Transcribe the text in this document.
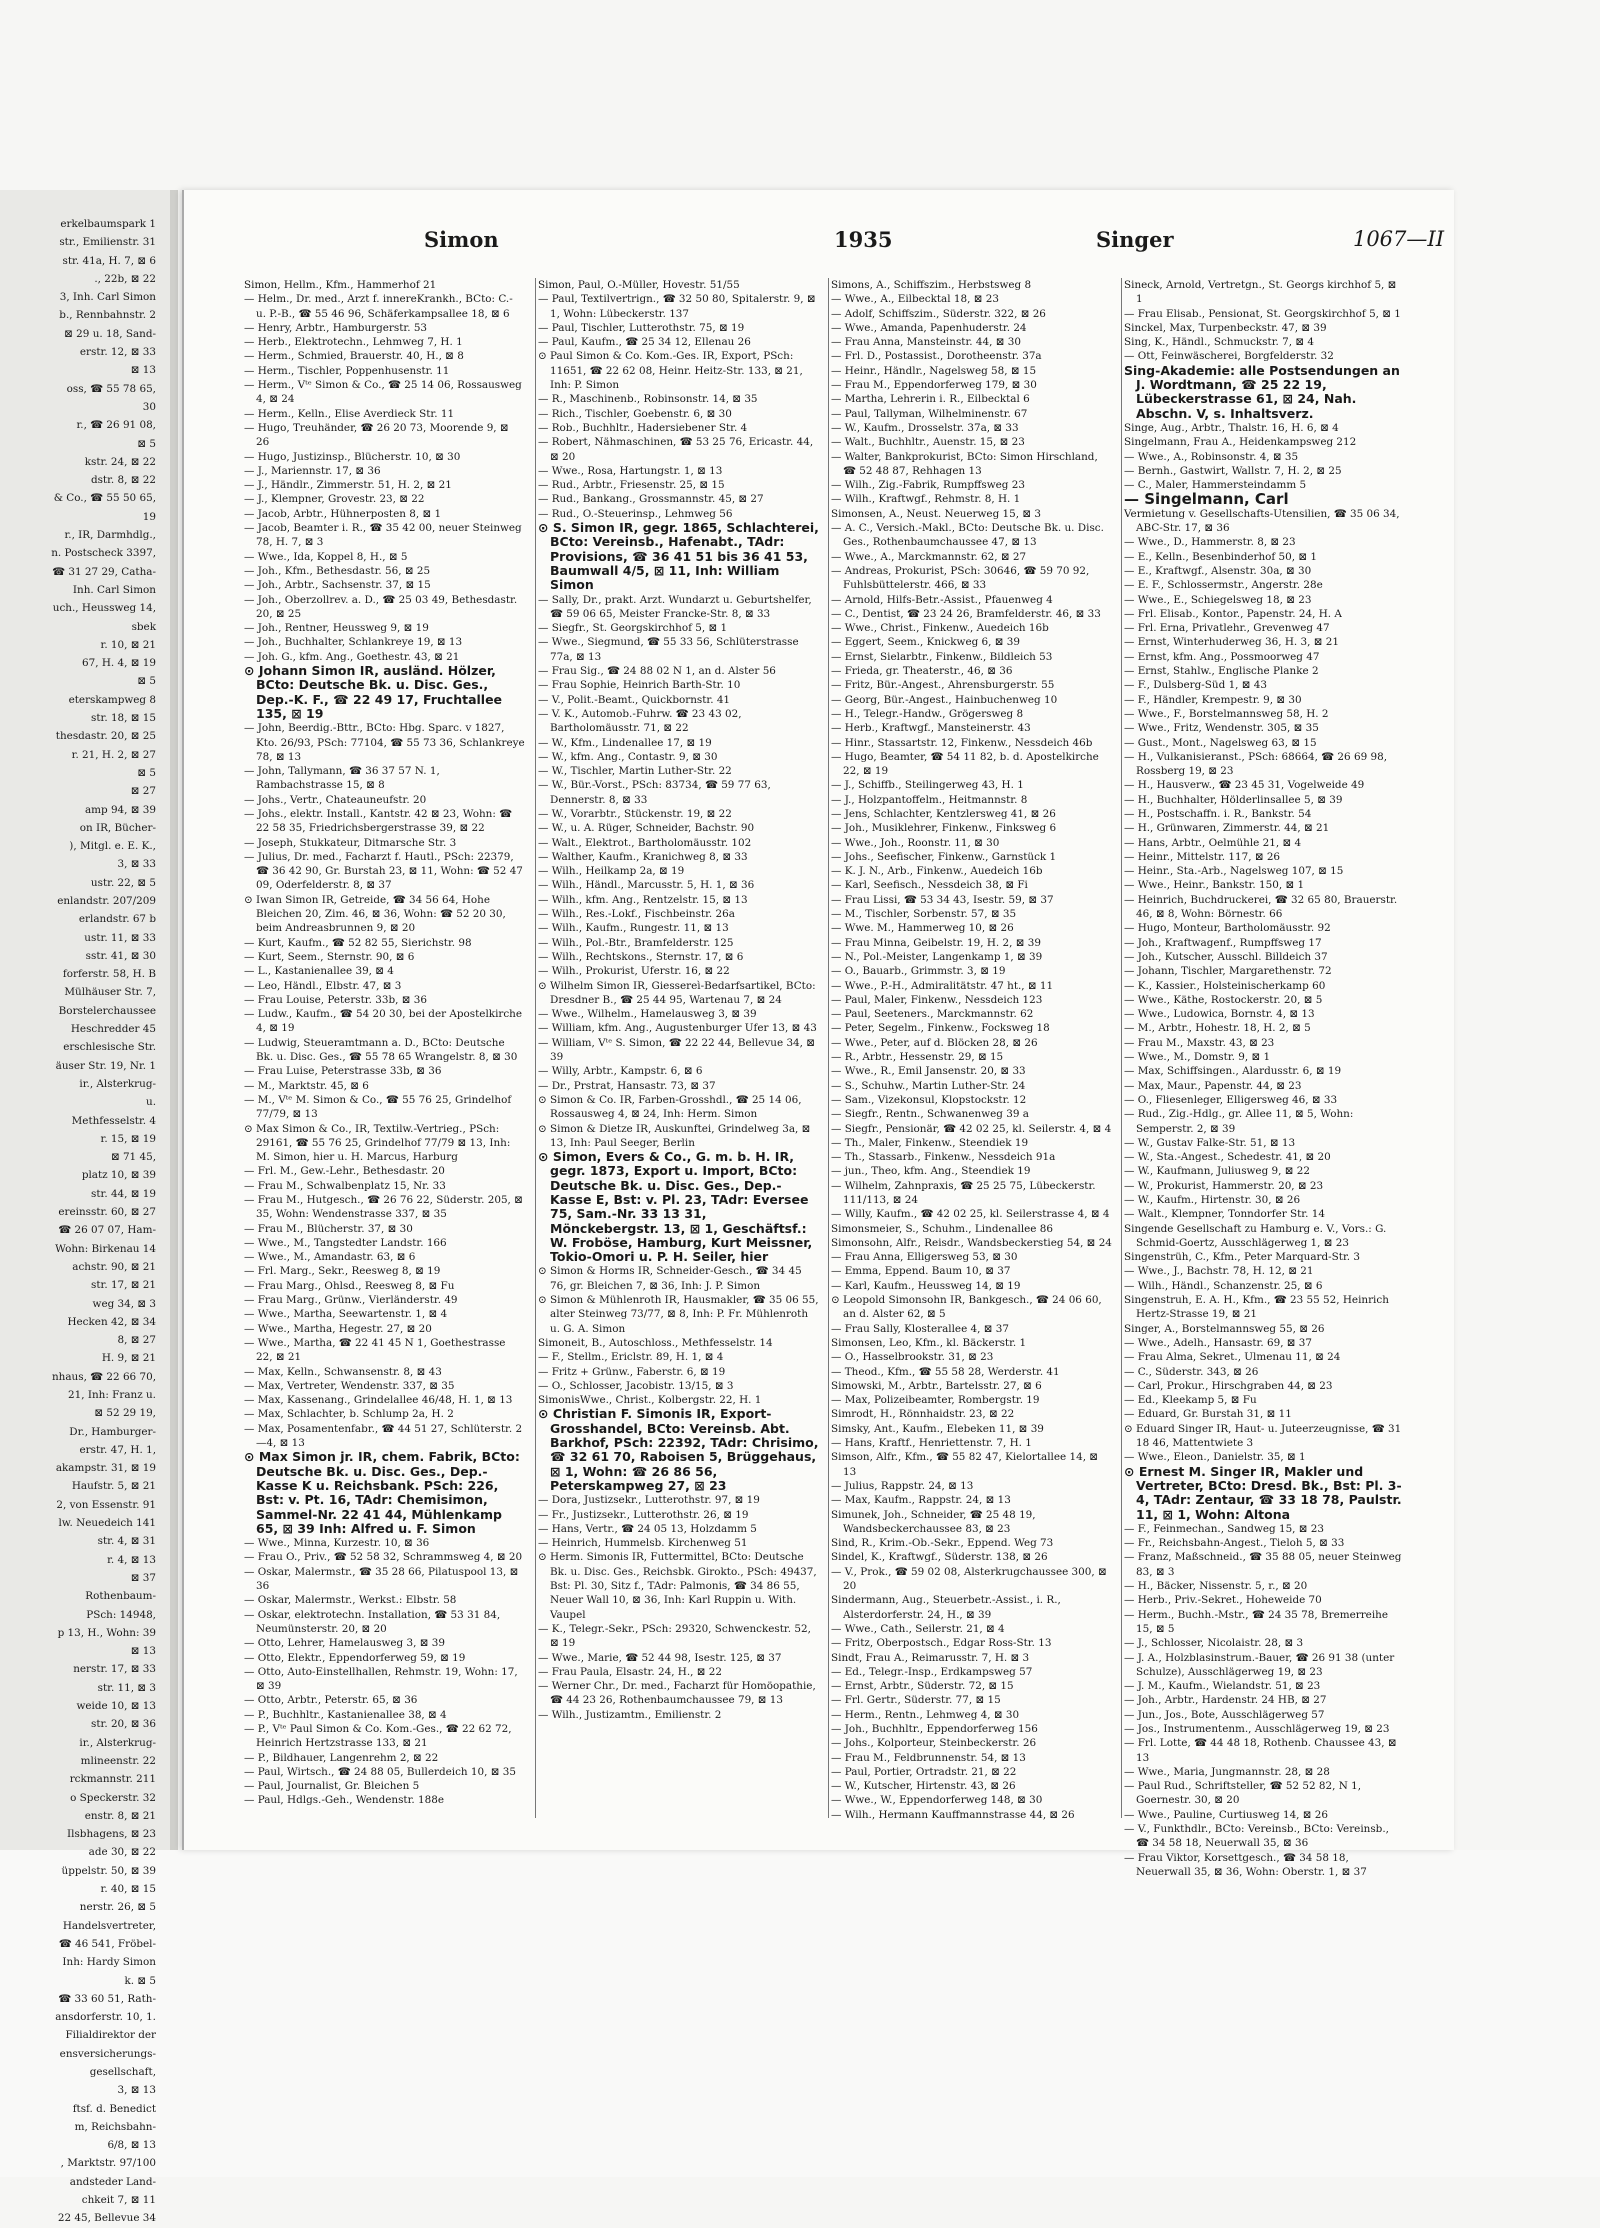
erkelbaumspark 1
str., Emilienstr. 31
str. 41a, H. 7, ⊠ 6
., 22b, ⊠ 22
3, Inh. Carl Simon
b., Rennbahnstr. 2
⊠ 29 u. 18, Sand-
erstr. 12, ⊠ 33
⊠ 13
oss, ☎ 55 78 65,
30
r., ☎ 26 91 08,
⊠ 5
kstr. 24, ⊠ 22
dstr. 8, ⊠ 22
& Co., ☎ 55 50 65,
19
r., IR, Darmhdlg.,
n. Postscheck 3397,
☎ 31 27 29, Catha-
Inh. Carl Simon
uch., Heussweg 14,
sbek
r. 10, ⊠ 21
67, H. 4, ⊠ 19
⊠ 5
eterskampweg 8
str. 18, ⊠ 15
thesdastr. 20, ⊠ 25
r. 21, H. 2, ⊠ 27
⊠ 5
⊠ 27
amp 94, ⊠ 39
on IR, Bücher-
), Mitgl. e. E. K.,
3, ⊠ 33
ustr. 22, ⊠ 5
enlandstr. 207/209
erlandstr. 67 b
ustr. 11, ⊠ 33
sstr. 41, ⊠ 30
forferstr. 58, H. B
Mülhäuser Str. 7,
Borstelerchaussee
Heschredder 45
erschlesische Str.
äuser Str. 19, Nr. 1
ir., Alsterkrug-
u.
Methfesselstr. 4
r. 15, ⊠ 19
⊠ 71 45,
platz 10, ⊠ 39
str. 44, ⊠ 19
ereinsstr. 60, ⊠ 27
☎ 26 07 07, Ham-
Wohn: Birkenau 14
achstr. 90, ⊠ 21
str. 17, ⊠ 21
weg 34, ⊠ 3
Hecken 42, ⊠ 34
8, ⊠ 27
H. 9, ⊠ 21
nhaus, ☎ 22 66 70,
21, Inh: Franz u.
⊠ 52 29 19,
Dr., Hamburger-
erstr. 47, H. 1,
akampstr. 31, ⊠ 19
Haufstr. 5, ⊠ 21
2, von Essenstr. 91
lw. Neuedeich 141
str. 4, ⊠ 31
r. 4, ⊠ 13
⊠ 37
Rothenbaum-
PSch: 14948,
p 13, H., Wohn: 39
⊠ 13
nerstr. 17, ⊠ 33
str. 11, ⊠ 3
weide 10, ⊠ 13
str. 20, ⊠ 36
ir., Alsterkrug-
mlineenstr. 22
rckmannstr. 211
o Speckerstr. 32
enstr. 8, ⊠ 21
Ilsbhagens, ⊠ 23
ade 30, ⊠ 22
üppelstr. 50, ⊠ 39
r. 40, ⊠ 15
nerstr. 26, ⊠ 5
Handelsvertreter,
☎ 46 541, Fröbel-
Inh: Hardy Simon
k. ⊠ 5
☎ 33 60 51, Rath-
ansdorferstr. 10, 1.
Filialdirektor der
ensversicherungs-
gesellschaft,
3, ⊠ 13
ftsf. d. Benedict
m, Reichsbahn-
6/8, ⊠ 13
, Marktstr. 97/100
andsteder Land-
chkeit 7, ⊠ 11
22 45, Bellevue 34
Simon	1935	Singer	1067—II
Simon, Hellm., Kfm., Hammerhof 21
— Helm., Dr. med., Arzt f. innereKrankh., BCto: C.- u. P.-B., ☎ 55 46 96, Schäferkampsallee 18, ⊠ 6
— Henry, Arbtr., Hamburgerstr. 53
— Herb., Elektrotechn., Lehmweg 7, H. 1
— Herm., Schmied, Brauerstr. 40, H., ⊠ 8
— Herm., Tischler, Poppenhusenstr. 11
— Herm., Vᵗᵉ Simon & Co., ☎ 25 14 06, Rossausweg 4, ⊠ 24
— Herm., Kelln., Elise Averdieck Str. 11
— Hugo, Treuhänder, ☎ 26 20 73, Moorende 9, ⊠ 26
— Hugo, Justizinsp., Blücherstr. 10, ⊠ 30
— J., Mariennstr. 17, ⊠ 36
— J., Händlr., Zimmerstr. 51, H. 2, ⊠ 21
— J., Klempner, Grovestr. 23, ⊠ 22
— Jacob, Arbtr., Hühnerposten 8, ⊠ 1
— Jacob, Beamter i. R., ☎ 35 42 00, neuer Steinweg 78, H. 7, ⊠ 3
— Wwe., Ida, Koppel 8, H., ⊠ 5
— Joh., Kfm., Bethesdastr. 56, ⊠ 25
— Joh., Arbtr., Sachsenstr. 37, ⊠ 15
— Joh., Oberzollrev. a. D., ☎ 25 03 49, Bethesdastr. 20, ⊠ 25
— Joh., Rentner, Heussweg 9, ⊠ 19
— Joh., Buchhalter, Schlankreye 19, ⊠ 13
— Joh. G., kfm. Ang., Goethestr. 43, ⊠ 21
⊙ Johann Simon IR, ausländ. Hölzer, BCto: Deutsche Bk. u. Disc. Ges., Dep.-K. F., ☎ 22 49 17, Fruchtallee 135, ⊠ 19
— John, Beerdig.-Bttr., BCto: Hbg. Sparc. v 1827, Kto. 26/93, PSch: 77104, ☎ 55 73 36, Schlankreye 78, ⊠ 13
— John, Tallymann, ☎ 36 37 57 N. 1, Rambachstrasse 15, ⊠ 8
— Johs., Vertr., Chateauneufstr. 20
— Johs., elektr. Install., Kantstr. 42 ⊠ 23, Wohn: ☎ 22 58 35, Friedrichsbergerstrasse 39, ⊠ 22
— Joseph, Stukkateur, Ditmarsche Str. 3
— Julius, Dr. med., Facharzt f. Hautl., PSch: 22379, ☎ 36 42 90, Gr. Burstah 23, ⊠ 11, Wohn: ☎ 52 47 09, Oderfelderstr. 8, ⊠ 37
⊙ Iwan Simon IR, Getreide, ☎ 34 56 64, Hohe Bleichen 20, Zim. 46, ⊠ 36, Wohn: ☎ 52 20 30, beim Andreasbrunnen 9, ⊠ 20
— Kurt, Kaufm., ☎ 52 82 55, Sierichstr. 98
— Kurt, Seem., Sternstr. 90, ⊠ 6
— L., Kastanienallee 39, ⊠ 4
— Leo, Händl., Elbstr. 47, ⊠ 3
— Frau Louise, Peterstr. 33b, ⊠ 36
— Ludw., Kaufm., ☎ 54 20 30, bei der Apostelkirche 4, ⊠ 19
— Ludwig, Steueramtmann a. D., BCto: Deutsche Bk. u. Disc. Ges., ☎ 55 78 65 Wrangelstr. 8, ⊠ 30
— Frau Luise, Peterstrasse 33b, ⊠ 36
— M., Marktstr. 45, ⊠ 6
— M., Vᵗᵉ M. Simon & Co., ☎ 55 76 25, Grindelhof 77/79, ⊠ 13
⊙ Max Simon & Co., IR, Textilw.-Vertrieg., PSch: 29161, ☎ 55 76 25, Grindelhof 77/79 ⊠ 13, Inh: M. Simon, hier u. H. Marcus, Harburg
— Frl. M., Gew.-Lehr., Bethesdastr. 20
— Frau M., Schwalbenplatz 15, Nr. 33
— Frau M., Hutgesch., ☎ 26 76 22, Süderstr. 205, ⊠ 35, Wohn: Wendenstrasse 337, ⊠ 35
— Frau M., Blücherstr. 37, ⊠ 30
— Wwe., M., Tangstedter Landstr. 166
— Wwe., M., Amandastr. 63, ⊠ 6
— Frl. Marg., Sekr., Reesweg 8, ⊠ 19
— Frau Marg., Ohlsd., Reesweg 8, ⊠ Fu
— Frau Marg., Grünw., Vierländerstr. 49
— Wwe., Martha, Seewartenstr. 1, ⊠ 4
— Wwe., Martha, Hegestr. 27, ⊠ 20
— Wwe., Martha, ☎ 22 41 45 N 1, Goethestrasse 22, ⊠ 21
— Max, Kelln., Schwansenstr. 8, ⊠ 43
— Max, Vertreter, Wendenstr. 337, ⊠ 35
— Max, Kassenang., Grindelallee 46/48, H. 1, ⊠ 13
— Max, Schlachter, b. Schlump 2a, H. 2
— Max, Posamentenfabr., ☎ 44 51 27, Schlüterstr. 2—4, ⊠ 13
⊙ Max Simon jr. IR, chem. Fabrik, BCto: Deutsche Bk. u. Disc. Ges., Dep.-Kasse K u. Reichsbank. PSch: 226, Bst: v. Pt. 16, TAdr: Chemisimon, Sammel-Nr. 22 41 44, Mühlenkamp 65, ⊠ 39 Inh: Alfred u. F. Simon
— Wwe., Minna, Kurzestr. 10, ⊠ 36
— Frau O., Priv., ☎ 52 58 32, Schrammsweg 4, ⊠ 20
— Oskar, Malermstr., ☎ 35 28 66, Pilatuspool 13, ⊠ 36
— Oskar, Malermstr., Werkst.: Elbstr. 58
— Oskar, elektrotechn. Installation, ☎ 53 31 84, Neumünsterstr. 20, ⊠ 20
— Otto, Lehrer, Hamelausweg 3, ⊠ 39
— Otto, Elektr., Eppendorferweg 59, ⊠ 19
— Otto, Auto-Einstellhallen, Rehmstr. 19, Wohn: 17, ⊠ 39
— Otto, Arbtr., Peterstr. 65, ⊠ 36
— P., Buchhltr., Kastanienallee 38, ⊠ 4
— P., Vᵗᵉ Paul Simon & Co. Kom.-Ges., ☎ 22 62 72, Heinrich Hertzstrasse 133, ⊠ 21
— P., Bildhauer, Langenrehm 2, ⊠ 22
— Paul, Wirtsch., ☎ 24 88 05, Bullerdeich 10, ⊠ 35
— Paul, Journalist, Gr. Bleichen 5
— Paul, Hdlgs.-Geh., Wendenstr. 188e
Simon, Paul, O.-Müller, Hovestr. 51/55
— Paul, Textilvertrign., ☎ 32 50 80, Spitalerstr. 9, ⊠ 1, Wohn: Lübeckerstr. 137
— Paul, Tischler, Lutterothstr. 75, ⊠ 19
— Paul, Kaufm., ☎ 25 34 12, Ellenau 26
⊙ Paul Simon & Co. Kom.-Ges. IR, Export, PSch: 11651, ☎ 22 62 08, Heinr. Heitz-Str. 133, ⊠ 21, Inh: P. Simon
— R., Maschinenb., Robinsonstr. 14, ⊠ 35
— Rich., Tischler, Goebenstr. 6, ⊠ 30
— Rob., Buchhltr., Hadersiebener Str. 4
— Robert, Nähmaschinen, ☎ 53 25 76, Ericastr. 44, ⊠ 20
— Wwe., Rosa, Hartungstr. 1, ⊠ 13
— Rud., Arbtr., Friesenstr. 25, ⊠ 15
— Rud., Bankang., Grossmannstr. 45, ⊠ 27
— Rud., O.-Steuerinsp., Lehmweg 56
⊙ S. Simon IR, gegr. 1865, Schlachterei, BCto: Vereinsb., Hafenabt., TAdr: Provisions, ☎ 36 41 51 bis 36 41 53, Baumwall 4/5, ⊠ 11, Inh: William Simon
— Sally, Dr., prakt. Arzt. Wundarzt u. Geburtshelfer, ☎ 59 06 65, Meister Francke-Str. 8, ⊠ 33
— Siegfr., St. Georgskirchhof 5, ⊠ 1
— Wwe., Siegmund, ☎ 55 33 56, Schlüterstrasse 77a, ⊠ 13
— Frau Sig., ☎ 24 88 02 N 1, an d. Alster 56
— Frau Sophie, Heinrich Barth-Str. 10
— V., Polit.-Beamt., Quickbornstr. 41
— V. K., Automob.-Fuhrw. ☎ 23 43 02, Bartholomäusstr. 71, ⊠ 22
— W., Kfm., Lindenallee 17, ⊠ 19
— W., kfm. Ang., Contastr. 9, ⊠ 30
— W., Tischler, Martin Luther-Str. 22
— W., Bür.-Vorst., PSch: 83734, ☎ 59 77 63, Dennerstr. 8, ⊠ 33
— W., Vorarbtr., Stückenstr. 19, ⊠ 22
— W., u. A. Rüger, Schneider, Bachstr. 90
— Walt., Elektrot., Bartholomäusstr. 102
— Walther, Kaufm., Kranichweg 8, ⊠ 33
— Wilh., Heilkamp 2a, ⊠ 19
— Wilh., Händl., Marcusstr. 5, H. 1, ⊠ 36
— Wilh., kfm. Ang., Rentzelstr. 15, ⊠ 13
— Wilh., Res.-Lokf., Fischbeinstr. 26a
— Wilh., Kaufm., Rungestr. 11, ⊠ 13
— Wilh., Pol.-Btr., Bramfelderstr. 125
— Wilh., Rechtskons., Sternstr. 17, ⊠ 6
— Wilh., Prokurist, Uferstr. 16, ⊠ 22
⊙ Wilhelm Simon IR, Giessereì-Bedarfsartikel, BCto: Dresdner B., ☎ 25 44 95, Wartenau 7, ⊠ 24
— Wwe., Wilhelm., Hamelausweg 3, ⊠ 39
— William, kfm. Ang., Augustenburger Ufer 13, ⊠ 43
— William, Vᵗᵉ S. Simon, ☎ 22 22 44, Bellevue 34, ⊠ 39
— Willy, Arbtr., Kampstr. 6, ⊠ 6
— Dr., Prstrat, Hansastr. 73, ⊠ 37
⊙ Simon & Co. IR, Farben-Grosshdl., ☎ 25 14 06, Rossausweg 4, ⊠ 24, Inh: Herm. Simon
⊙ Simon & Dietze IR, Auskunftei, Grindelweg 3a, ⊠ 13, Inh: Paul Seeger, Berlin
⊙ Simon, Evers & Co., G. m. b. H. IR, gegr. 1873, Export u. Import, BCto: Deutsche Bk. u. Disc. Ges., Dep.-Kasse E, Bst: v. Pl. 23, TAdr: Eversee 75, Sam.-Nr. 33 13 31, Mönckebergstr. 13, ⊠ 1, Geschäftsf.: W. Froböse, Hamburg, Kurt Meissner, Tokio-Omori u. P. H. Seiler, hier
⊙ Simon & Horms IR, Schneider-Gesch., ☎ 34 45 76, gr. Bleichen 7, ⊠ 36, Inh: J. P. Simon
⊙ Simon & Mühlenroth IR, Hausmakler, ☎ 35 06 55, alter Steinweg 73/77, ⊠ 8, Inh: P. Fr. Mühlenroth u. G. A. Simon
Simoneit, B., Autoschloss., Methfesselstr. 14
— F., Stellm., Ericlstr. 89, H. 1, ⊠ 4
— Fritz + Grünw., Faberstr. 6, ⊠ 19
— O., Schlosser, Jacobistr. 13/15, ⊠ 3
SimonisWwe., Christ., Kolbergstr. 22, H. 1
⊙ Christian F. Simonis IR, Export-Grosshandel, BCto: Vereinsb. Abt. Barkhof, PSch: 22392, TAdr: Chrisimo, ☎ 32 61 70, Raboisen 5, Brüggehaus, ⊠ 1, Wohn: ☎ 26 86 56, Peterskampweg 27, ⊠ 23
— Dora, Justizsekr., Lutterothstr. 97, ⊠ 19
— Fr., Justizsekr., Lutterothstr. 26, ⊠ 19
— Hans, Vertr., ☎ 24 05 13, Holzdamm 5
— Heinrich, Hummelsb. Kirchenweg 51
⊙ Herm. Simonis IR, Futtermittel, BCto: Deutsche Bk. u. Disc. Ges., Reichsbk. Girokto., PSch: 49437, Bst: Pl. 30, Sitz f., TAdr: Palmonis, ☎ 34 86 55, Neuer Wall 10, ⊠ 36, Inh: Karl Ruppin u. With. Vaupel
— K., Telegr.-Sekr., PSch: 29320, Schwenckestr. 52, ⊠ 19
— Wwe., Marie, ☎ 52 44 98, Isestr. 125, ⊠ 37
— Frau Paula, Elsastr. 24, H., ⊠ 22
— Werner Chr., Dr. med., Facharzt für Homöopathie, ☎ 44 23 26, Rothenbaumchaussee 79, ⊠ 13
— Wilh., Justizamtm., Emilienstr. 2
Simons, A., Schiffszim., Herbstsweg 8
— Wwe., A., Eilbecktal 18, ⊠ 23
— Adolf, Schiffszim., Süderstr. 322, ⊠ 26
— Wwe., Amanda, Papenhuderstr. 24
— Frau Anna, Mansteinstr. 44, ⊠ 30
— Frl. D., Postassist., Dorotheenstr. 37a
— Heinr., Händlr., Nagelsweg 58, ⊠ 15
— Frau M., Eppendorferweg 179, ⊠ 30
— Martha, Lehrerin i. R., Eilbecktal 6
— Paul, Tallyman, Wilhelminenstr. 67
— W., Kaufm., Drosselstr. 37a, ⊠ 33
— Walt., Buchhltr., Auenstr. 15, ⊠ 23
— Walter, Bankprokurist, BCto: Simon Hirschland, ☎ 52 48 87, Rehhagen 13
— Wilh., Zig.-Fabrik, Rumpffsweg 23
— Wilh., Kraftwgf., Rehmstr. 8, H. 1
Simonsen, A., Neust. Neuerweg 15, ⊠ 3
— A. C., Versich.-Makl., BCto: Deutsche Bk. u. Disc. Ges., Rothenbaumchaussee 47, ⊠ 13
— Wwe., A., Marckmannstr. 62, ⊠ 27
— Andreas, Prokurist, PSch: 30646, ☎ 59 70 92, Fuhlsbüttelerstr. 466, ⊠ 33
— Arnold, Hilfs-Betr.-Assist., Pfauenweg 4
— C., Dentist, ☎ 23 24 26, Bramfelderstr. 46, ⊠ 33
— Wwe., Christ., Finkenw., Auedeich 16b
— Eggert, Seem., Knickweg 6, ⊠ 39
— Ernst, Sielarbtr., Finkenw., Bildleich 53
— Frieda, gr. Theaterstr., 46, ⊠ 36
— Fritz, Bür.-Angest., Ahrensburgerstr. 55
— Georg, Bür.-Angest., Hainbuchenweg 10
— H., Telegr.-Handw., Grögersweg 8
— Herb., Kraftwgf., Mansteinerstr. 43
— Hinr., Stassartstr. 12, Finkenw., Nessdeich 46b
— Hugo, Beamter, ☎ 54 11 82, b. d. Apostelkirche 22, ⊠ 19
— J., Schiffb., Steilingerweg 43, H. 1
— J., Holzpantoffelm., Heitmannstr. 8
— Jens, Schlachter, Kentzlersweg 41, ⊠ 26
— Joh., Musiklehrer, Finkenw., Finksweg 6
— Wwe., Joh., Roonstr. 11, ⊠ 30
— Johs., Seefischer, Finkenw., Garnstück 1
— K. J. N., Arb., Finkenw., Auedeich 16b
— Karl, Seefisch., Nessdeich 38, ⊠ Fi
— Frau Lissi, ☎ 53 34 43, Isestr. 59, ⊠ 37
— M., Tischler, Sorbenstr. 57, ⊠ 35
— Wwe. M., Hammerweg 10, ⊠ 26
— Frau Minna, Geibelstr. 19, H. 2, ⊠ 39
— N., Pol.-Meister, Langenkamp 1, ⊠ 39
— O., Bauarb., Grimmstr. 3, ⊠ 19
— Wwe., P.-H., Admiralitätstr. 47 ht., ⊠ 11
— Paul, Maler, Finkenw., Nessdeich 123
— Paul, Seeteners., Marckmannstr. 62
— Peter, Segelm., Finkenw., Focksweg 18
— Wwe., Peter, auf d. Blöcken 28, ⊠ 26
— R., Arbtr., Hessenstr. 29, ⊠ 15
— Wwe., R., Emil Jansenstr. 20, ⊠ 33
— S., Schuhw., Martin Luther-Str. 24
— Sam., Vizekonsul, Klopstockstr. 12
— Siegfr., Rentn., Schwanenweg 39 a
— Siegfr., Pensionär, ☎ 42 02 25, kl. Seilerstr. 4, ⊠ 4
— Th., Maler, Finkenw., Steendiek 19
— Th., Stassarb., Finkenw., Nessdeich 91a
— jun., Theo, kfm. Ang., Steendiek 19
— Wilhelm, Zahnpraxis, ☎ 25 25 75, Lübeckerstr. 111/113, ⊠ 24
— Willy, Kaufm., ☎ 42 02 25, kl. Seilerstrasse 4, ⊠ 4
Simonsmeier, S., Schuhm., Lindenallee 86
Simonsohn, Alfr., Reisdr., Wandsbeckerstieg 54, ⊠ 24
— Frau Anna, Elligersweg 53, ⊠ 30
— Emma, Eppend. Baum 10, ⊠ 37
— Karl, Kaufm., Heussweg 14, ⊠ 19
⊙ Leopold Simonsohn IR, Bankgesch., ☎ 24 06 60, an d. Alster 62, ⊠ 5
— Frau Sally, Klosterallee 4, ⊠ 37
Simonsen, Leo, Kfm., kl. Bäckerstr. 1
— O., Hasselbrookstr. 31, ⊠ 23
— Theod., Kfm., ☎ 55 58 28, Werderstr. 41
Simowski, M., Arbtr., Bartelsstr. 27, ⊠ 6
— Max, Polizeibeamter, Rombergstr. 19
Simrodt, H., Rönnhaidstr. 23, ⊠ 22
Simsky, Ant., Kaufm., Elebeken 11, ⊠ 39
— Hans, Kraftf., Henriettenstr. 7, H. 1
Simson, Alfr., Kfm., ☎ 55 82 47, Kielortallee 14, ⊠ 13
— Julius, Rappstr. 24, ⊠ 13
— Max, Kaufm., Rappstr. 24, ⊠ 13
Simunek, Joh., Schneider, ☎ 25 48 19, Wandsbeckerchaussee 83, ⊠ 23
Sind, R., Krim.-Ob.-Sekr., Eppend. Weg 73
Sindel, K., Kraftwgf., Süderstr. 138, ⊠ 26
— V., Prok., ☎ 59 02 08, Alsterkrugchaussee 300, ⊠ 20
Sindermann, Aug., Steuerbetr.-Assist., i. R., Alsterdorferstr. 24, H., ⊠ 39
— Wwe., Cath., Seilerstr. 21, ⊠ 4
— Fritz, Oberpostsch., Edgar Ross-Str. 13
Sindt, Frau A., Reimarusstr. 7, H. ⊠ 3
— Ed., Telegr.-Insp., Erdkampsweg 57
— Ernst, Arbtr., Süderstr. 72, ⊠ 15
— Frl. Gertr., Süderstr. 77, ⊠ 15
— Herm., Rentn., Lehmweg 4, ⊠ 30
— Joh., Buchhltr., Eppendorferweg 156
— Johs., Kolporteur, Steinbeckerstr. 26
— Frau M., Feldbrunnenstr. 54, ⊠ 13
— Paul, Portier, Ortradstr. 21, ⊠ 22
— W., Kutscher, Hirtenstr. 43, ⊠ 26
— Wwe., W., Eppendorferweg 148, ⊠ 30
— Wilh., Hermann Kauffmannstrasse 44, ⊠ 26
Sineck, Arnold, Vertretgn., St. Georgs kirchhof 5, ⊠ 1
— Frau Elisab., Pensionat, St. Georgskirchhof 5, ⊠ 1
Sinckel, Max, Turpenbeckstr. 47, ⊠ 39
Sing, K., Händl., Schmuckstr. 7, ⊠ 4
— Ott, Feinwäscherei, Borgfelderstr. 32
Sing-Akademie: alle Postsendungen an J. Wordtmann, ☎ 25 22 19, Lübeckerstrasse 61, ⊠ 24, Nah. Abschn. V, s. Inhaltsverz.
Singe, Aug., Arbtr., Thalstr. 16, H. 6, ⊠ 4
Singelmann, Frau A., Heidenkampsweg 212
— Wwe., A., Robinsonstr. 4, ⊠ 35
— Bernh., Gastwirt, Wallstr. 7, H. 2, ⊠ 25
— C., Maler, Hammersteindamm 5
— Singelmann, Carl
Vermietung v. Gesellschafts-Utensilien, ☎ 35 06 34, ABC-Str. 17, ⊠ 36
— Wwe., D., Hammerstr. 8, ⊠ 23
— E., Kelln., Besenbinderhof 50, ⊠ 1
— E., Kraftwgf., Alsenstr. 30a, ⊠ 30
— E. F., Schlossermstr., Angerstr. 28e
— Wwe., E., Schiegelsweg 18, ⊠ 23
— Frl. Elisab., Kontor., Papenstr. 24, H. A
— Frl. Erna, Privatlehr., Grevenweg 47
— Ernst, Winterhuderweg 36, H. 3, ⊠ 21
— Ernst, kfm. Ang., Possmoorweg 47
— Ernst, Stahlw., Englische Planke 2
— F., Dulsberg-Süd 1, ⊠ 43
— F., Händler, Krempestr. 9, ⊠ 30
— Wwe., F., Borstelmannsweg 58, H. 2
— Wwe., Fritz, Wendenstr. 305, ⊠ 35
— Gust., Mont., Nagelsweg 63, ⊠ 15
— H., Vulkanisieranst., PSch: 68664, ☎ 26 69 98, Rossberg 19, ⊠ 23
— H., Hausverw., ☎ 23 45 31, Vogelweide 49
— H., Buchhalter, Hölderlinsallee 5, ⊠ 39
— H., Postschaffn. i. R., Bankstr. 54
— H., Grünwaren, Zimmerstr. 44, ⊠ 21
— Hans, Arbtr., Oelmühle 21, ⊠ 4
— Heinr., Mittelstr. 117, ⊠ 26
— Heinr., Sta.-Arb., Nagelsweg 107, ⊠ 15
— Wwe., Heinr., Bankstr. 150, ⊠ 1
— Heinrich, Buchdruckerei, ☎ 32 65 80, Brauerstr. 46, ⊠ 8, Wohn: Börnestr. 66
— Hugo, Monteur, Bartholomäusstr. 92
— Joh., Kraftwagenf., Rumpffsweg 17
— Joh., Kutscher, Ausschl. Billdeich 37
— Johann, Tischler, Margarethenstr. 72
— K., Kassier., Holsteinischerkamp 60
— Wwe., Käthe, Rostockerstr. 20, ⊠ 5
— Wwe., Ludowica, Bornstr. 4, ⊠ 13
— M., Arbtr., Hohestr. 18, H. 2, ⊠ 5
— Frau M., Maxstr. 43, ⊠ 23
— Wwe., M., Domstr. 9, ⊠ 1
— Max, Schiffsingen., Alardusstr. 6, ⊠ 19
— Max, Maur., Papenstr. 44, ⊠ 23
— O., Fliesenleger, Elligersweg 46, ⊠ 33
— Rud., Zig.-Hdlg., gr. Allee 11, ⊠ 5, Wohn: Semperstr. 2, ⊠ 39
— W., Gustav Falke-Str. 51, ⊠ 13
— W., Sta.-Angest., Schedestr. 41, ⊠ 20
— W., Kaufmann, Juliusweg 9, ⊠ 22
— W., Prokurist, Hammerstr. 20, ⊠ 23
— W., Kaufm., Hirtenstr. 30, ⊠ 26
— Walt., Klempner, Tonndorfer Str. 14
Singende Gesellschaft zu Hamburg e. V., Vors.: G. Schmid-Goertz, Ausschlägerweg 1, ⊠ 23
Singenstrüh, C., Kfm., Peter Marquard-Str. 3
— Wwe., J., Bachstr. 78, H. 12, ⊠ 21
— Wilh., Händl., Schanzenstr. 25, ⊠ 6
Singenstruh, E. A. H., Kfm., ☎ 23 55 52, Heinrich Hertz-Strasse 19, ⊠ 21
Singer, A., Borstelmannsweg 55, ⊠ 26
— Wwe., Adelh., Hansastr. 69, ⊠ 37
— Frau Alma, Sekret., Ulmenau 11, ⊠ 24
— C., Süderstr. 343, ⊠ 26
— Carl, Prokur., Hirschgraben 44, ⊠ 23
— Ed., Kleekamp 5, ⊠ Fu
— Eduard, Gr. Burstah 31, ⊠ 11
⊙ Eduard Singer IR, Haut- u. Juteerzeugnisse, ☎ 31 18 46, Mattentwiete 3
— Wwe., Eleon., Danielstr. 35, ⊠ 1
⊙ Ernest M. Singer IR, Makler und Vertreter, BCto: Dresd. Bk., Bst: Pl. 3-4, TAdr: Zentaur, ☎ 33 18 78, Paulstr. 11, ⊠ 1, Wohn: Altona
— F., Feinmechan., Sandweg 15, ⊠ 23
— Fr., Reichsbahn-Angest., Tieloh 5, ⊠ 33
— Franz, Maßschneid., ☎ 35 88 05, neuer Steinweg 83, ⊠ 3
— H., Bäcker, Nissenstr. 5, r., ⊠ 20
— Herb., Priv.-Sekret., Hoheweide 70
— Herm., Buchh.-Mstr., ☎ 24 35 78, Bremerreihe 15, ⊠ 5
— J., Schlosser, Nicolaistr. 28, ⊠ 3
— J. A., Holzblasinstrum.-Bauer, ☎ 26 91 38 (unter Schulze), Ausschlägerweg 19, ⊠ 23
— J. M., Kaufm., Wielandstr. 51, ⊠ 23
— Joh., Arbtr., Hardenstr. 24 HB, ⊠ 27
— Jun., Jos., Bote, Ausschlägerweg 57
— Jos., Instrumentenm., Ausschlägerweg 19, ⊠ 23
— Frl. Lotte, ☎ 44 48 18, Rothenb. Chaussee 43, ⊠ 13
— Wwe., Maria, Jungmannstr. 28, ⊠ 28
— Paul Rud., Schriftsteller, ☎ 52 52 82, N 1, Goernestr. 30, ⊠ 20
— Wwe., Pauline, Curtiusweg 14, ⊠ 26
— V., Funkthdlr., BCto: Vereinsb., BCto: Vereinsb., ☎ 34 58 18, Neuerwall 35, ⊠ 36
— Frau Viktor, Korsettgesch., ☎ 34 58 18, Neuerwall 35, ⊠ 36, Wohn: Oberstr. 1, ⊠ 37
